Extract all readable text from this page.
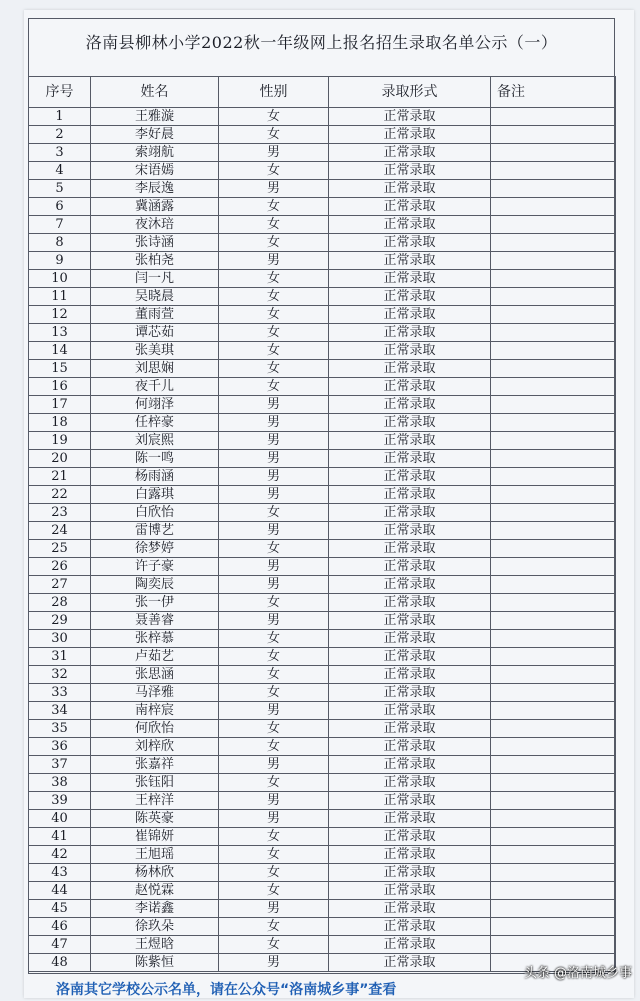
洛南县柳林小学2022秋一年级网上报名招生录取名单公示（一）
序号	姓名	性别	录取形式	备注
1	王雅漩	女	正常录取	
2	李好晨	女	正常录取	
3	索翊航	男	正常录取	
4	宋语嫣	女	正常录取	
5	李辰逸	男	正常录取	
6	冀涵露	女	正常录取	
7	夜沐琣	女	正常录取	
8	张诗涵	女	正常录取	
9	张柏尧	男	正常录取	
10	闫一凡	女	正常录取	
11	吴晓晨	女	正常录取	
12	董雨萱	女	正常录取	
13	谭芯茹	女	正常录取	
14	张美琪	女	正常录取	
15	刘思娴	女	正常录取	
16	夜千儿	女	正常录取	
17	何翊泽	男	正常录取	
18	任梓豪	男	正常录取	
19	刘宸熙	男	正常录取	
20	陈一鸣	男	正常录取	
21	杨雨涵	男	正常录取	
22	白露琪	男	正常录取	
23	白欣怡	女	正常录取	
24	雷博艺	男	正常录取	
25	徐梦婷	女	正常录取	
26	许子豪	男	正常录取	
27	陶奕辰	男	正常录取	
28	张一伊	女	正常录取	
29	聂善睿	男	正常录取	
30	张梓慕	女	正常录取	
31	卢茹艺	女	正常录取	
32	张思涵	女	正常录取	
33	马泽雅	女	正常录取	
34	南梓宸	男	正常录取	
35	何欣怡	女	正常录取	
36	刘梓欣	女	正常录取	
37	张嘉祥	男	正常录取	
38	张钰阳	女	正常录取	
39	王梓洋	男	正常录取	
40	陈英豪	男	正常录取	
41	崔锦妍	女	正常录取	
42	王旭瑶	女	正常录取	
43	杨林欣	女	正常录取	
44	赵悦霖	女	正常录取	
45	李诺鑫	男	正常录取	
46	徐玖朵	女	正常录取	
47	王煜晗	女	正常录取	
48	陈紫恒	男	正常录取	
洛南其它学校公示名单，请在公众号“洛南城乡事”查看
头条 @洛南城乡事
